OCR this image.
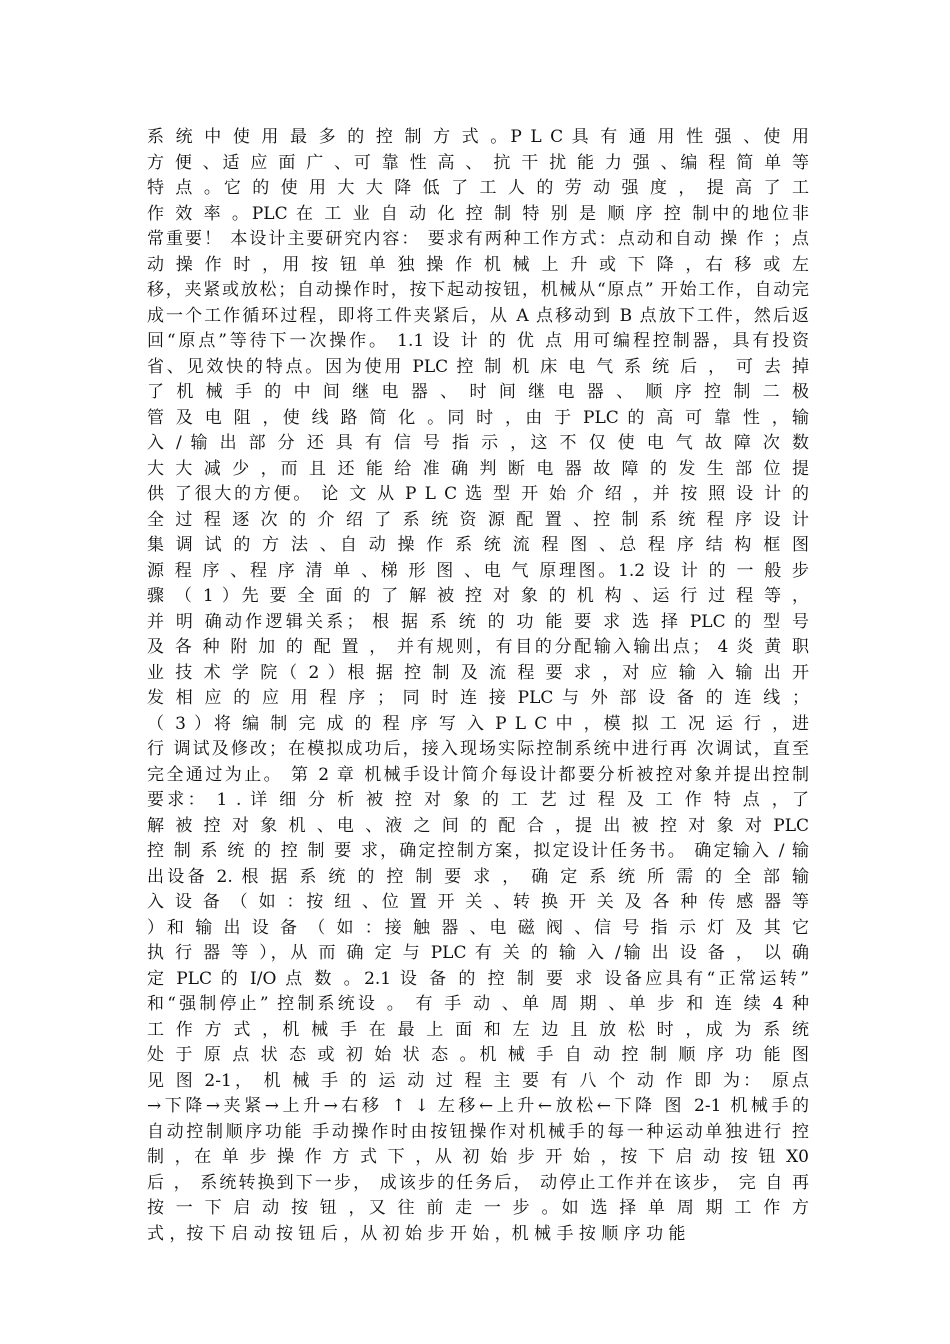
系 统 中 使 用 最 多 的 控 制 方 式 。P L C 具 有 通 用 性 强 、使 用
方 便 、适 应 面 广 、可 靠 性 高 、 抗 干 扰 能 力 强 、编 程 简 单 等
特 点 。它 的 使 用 大 大 降 低 了 工 人 的 劳 动 强 度 ， 提 高 了 工
作 效 率 。PLC 在 工 业 自 动 化 控 制 特 别 是 顺 序 控 制中的地位非
常重要！ 本设计主要研究内容： 要求有两种工作方式：点动和自动 操 作 ；点
动 操 作 时 ，用 按 钮 单 独 操 作 机 械 上 升 或 下 降 ，右 移 或 左
移，夹紧或放松；自动操作时，按下起动按钮，机械从“原点” 开始工作，自动完
成一个工作循环过程，即将工件夹紧后，从 A 点移动到 B 点放下工件，然后返
回“原点”等待下一次操作。 1.1 设 计 的 优 点 用可编程控制器，具有投资
省、见效快的特点。因为使用 PLC 控 制 机 床 电 气 系 统 后 ， 可 去 掉
了 机 械 手 的 中 间 继 电 器 、 时 间 继 电 器 、 顺 序 控 制 二 极
管 及 电 阻 ，使 线 路 简 化 。同 时 ，由 于 PLC 的 高 可 靠 性 ，输
入 / 输 出 部 分 还 具 有 信 号 指 示 ，这 不 仅 使 电 气 故 障 次 数
大 大 减 少 ，而 且 还 能 给 准 确 判 断 电 器 故 障 的 发 生 部 位 提
供 了很大的方便。 论 文 从 P L C 选 型 开 始 介 绍 ，并 按 照 设 计 的
全 过 程 逐 次 的 介 绍 了 系 统 资 源 配 置 、控 制 系 统 程 序 设 计
集 调 试 的 方 法 、自 动 操 作 系 统 流 程 图 、总 程 序 结 构 框 图
源 程 序 、程 序 清 单 、梯 形 图 、电 气 原理图。1.2 设 计 的 一 般 步
骤 （ 1 ）先 要 全 面 的 了 解 被 控 对 象 的 机 构 、运 行 过 程 等 ，
并 明 确动作逻辑关系； 根 据 系 统 的 功 能 要 求 选 择 PLC 的 型 号
及 各 种 附 加 的 配 置 ， 并有规则，有目的分配输入输出点； 4 炎 黄 职
业 技 术 学 院（ 2 ）根 据 控 制 及 流 程 要 求 ，对 应 输 入 输 出 开
发 相 应 的 应 用 程 序 ； 同 时 连 接 PLC 与 外 部 设 备 的 连 线 ；
（ 3 ）将 编 制 完 成 的 程 序 写 入 P L C 中 ，模 拟 工 况 运 行 ，进
行 调试及修改；在模拟成功后，接入现场实际控制系统中进行再 次调试，直至
完全通过为止。 第 2 章 机械手设计简介每设计都要分析被控对象并提出控制
要求： 1 . 详 细 分 析 被 控 对 象 的 工 艺 过 程 及 工 作 特 点 ，了
解 被 控 对 象 机 、电 、液 之 间 的 配 合 ，提 出 被 控 对 象 对 PLC
控 制 系 统 的 控 制 要 求，确定控制方案，拟定设计任务书。 确定输入 / 输
出设备 2. 根 据 系 统 的 控 制 要 求 ， 确 定 系 统 所 需 的 全 部 输
入 设 备 （ 如 ：按 纽 、位 置 开 关 、转 换 开 关 及 各 种 传 感 器 等
）和 输 出 设 备 （ 如 ：接 触 器 、电 磁 阀 、信 号 指 示 灯 及 其 它
执 行 器 等 ），从 而 确 定 与 PLC 有 关 的 输 入 /输 出 设 备 ， 以 确
定 PLC 的 I/O 点 数 。2.1 设 备 的 控 制 要 求 设备应具有“正常运转”
和“强制停止” 控制系统设 。 有 手 动 、单 周 期 、单 步 和 连 续 4 种
工 作 方 式 ，机 械 手 在 最 上 面 和 左 边 且 放 松 时 ，成 为 系 统
处 于 原 点 状 态 或 初 始 状 态 。机 械 手 自 动 控 制 顺 序 功 能 图
见 图 2-1， 机 械 手 的 运 动 过 程 主 要 有 八 个 动 作 即 为： 原点
→下降→夹紧→上升→右移 ↑ ↓ 左移←上升←放松←下降 图 2-1 机械手的
自动控制顺序功能 手动操作时由按钮操作对机械手的每一种运动单独进行 控
制 ，在 单 步 操 作 方 式 下 ，从 初 始 步 开 始 ，按 下 启 动 按 钮 X0
后 ， 系统转换到下一步， 成该步的任务后， 动停止工作并在该步， 完 自 再
按 一 下 启 动 按 钮 ，又 往 前 走 一 步 。如 选 择 单 周 期 工 作 方
式 ，按 下 启 动 按 钮 后 ，从 初 始 步 开 始 ，机 械 手 按 顺 序 功 能
